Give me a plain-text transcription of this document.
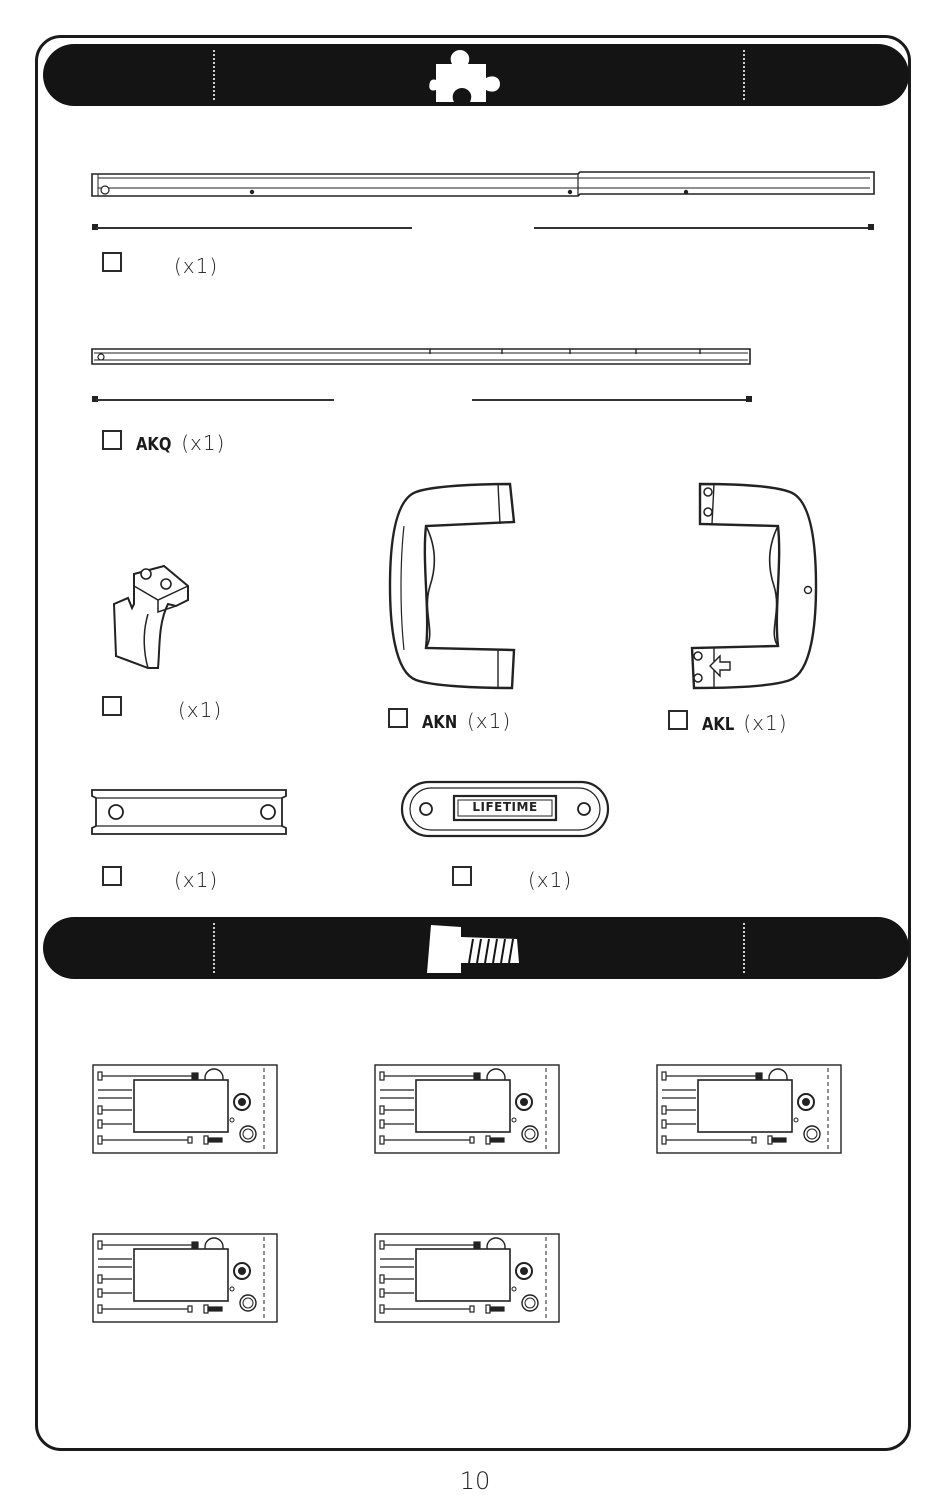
(x1)
AKQ (x1)
(x1)
AKN (x1)	AKL (x1)
(x1)
LIFETIME
(x1)
10
